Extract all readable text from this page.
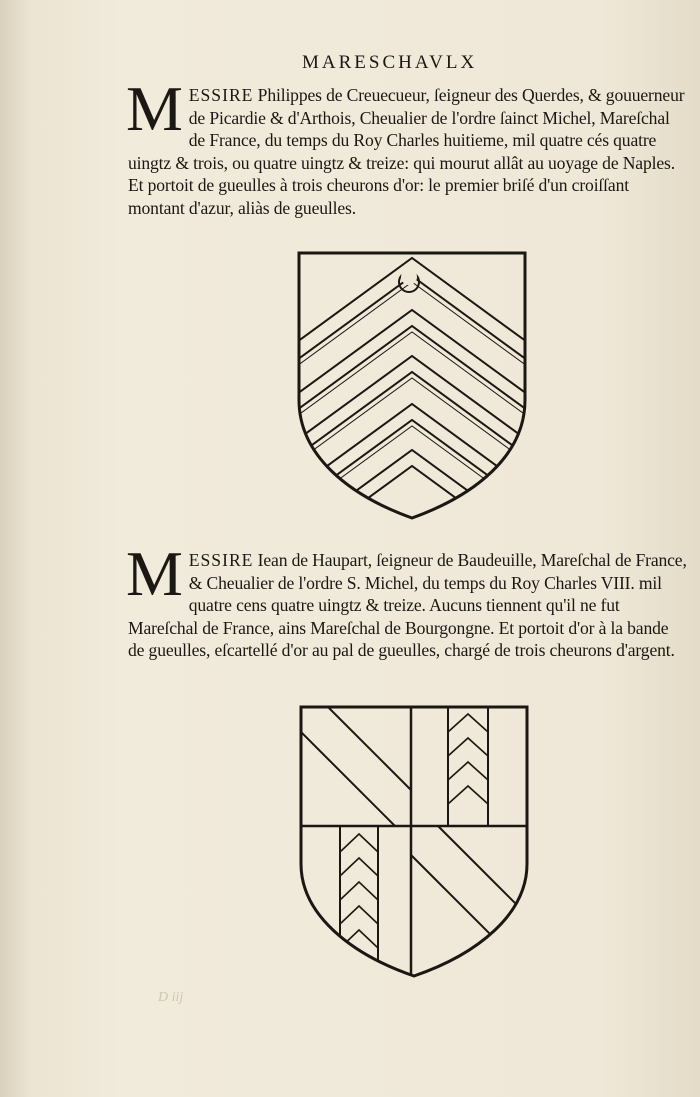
MARESCHAVLX

MESSIRE Philippes de Creuecueur, ſeigneur des Querdes, & gouuerneur de Picardie & d'Arthois, Cheualier de l'ordre ſainct Michel, Mareſchal de France, du temps du Roy Charles huitieme, mil quatre cés quatre uingtz & trois, ou quatre uingtz & treize: qui mourut allât au uoyage de Naples. Et portoit de gueulles à trois cheurons d'or: le premier briſé d'un croiſſant montant d'azur, aliàs de gueulles.

MESSIRE Iean de Haupart, ſeigneur de Baudeuille, Mareſchal de France, & Cheualier de l'ordre S. Michel, du temps du Roy Charles VIII. mil quatre cens quatre uingtz & treize. Aucuns tiennent qu'il ne fut Mareſchal de France, ains Mareſchal de Bourgongne. Et portoit d'or à la bande de gueulles, eſcartellé d'or au pal de gueulles, chargé de trois cheurons d'argent.

D iij
